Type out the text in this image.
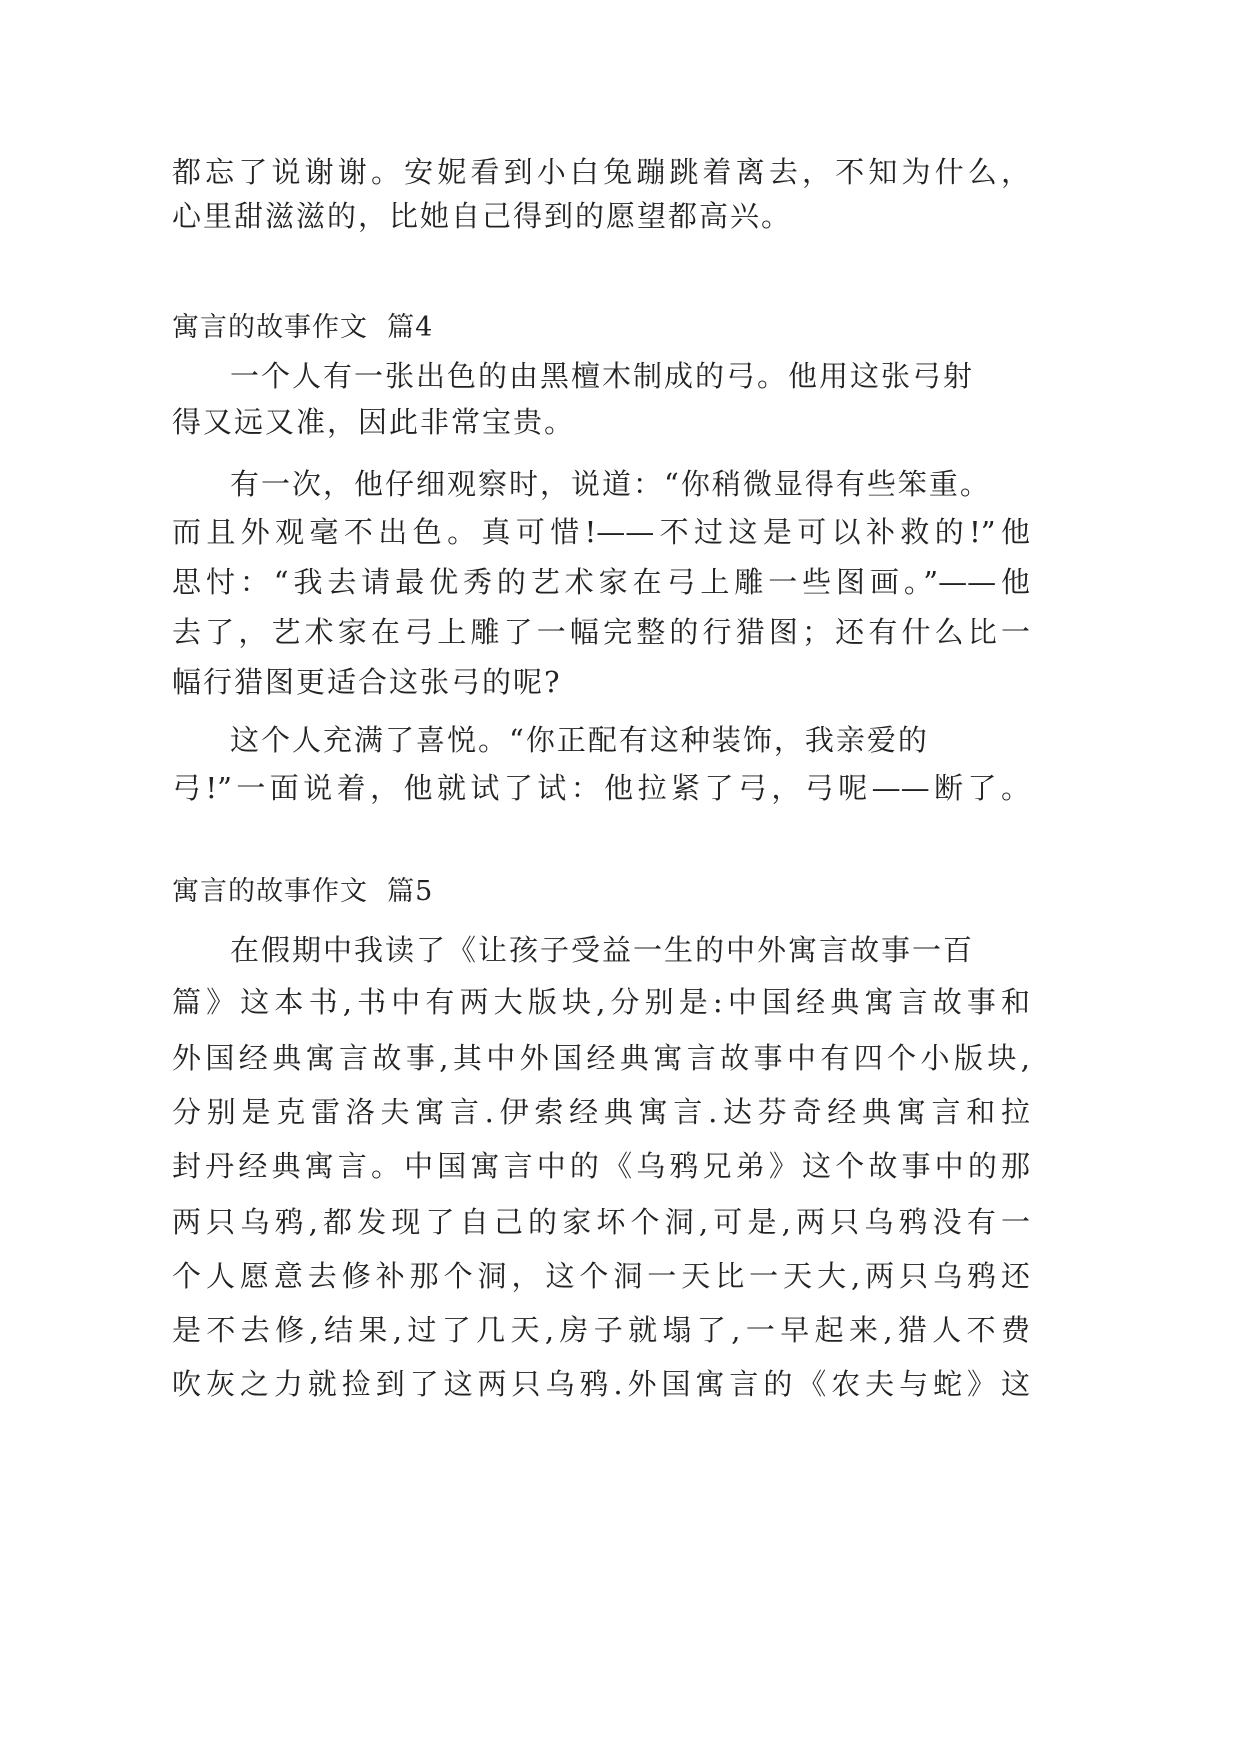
都忘了说谢谢。安妮看到小白兔蹦跳着离去，不知为什么，
心里甜滋滋的，比她自己得到的愿望都高兴。
寓言的故事作文  篇4
一个人有一张出色的由黑檀木制成的弓。他用这张弓射
得又远又准，因此非常宝贵。
有一次，他仔细观察时，说道：“你稍微显得有些笨重。
而且外观毫不出色。真可惜!——不过这是可以补救的!”他
思忖：“我去请最优秀的艺术家在弓上雕一些图画。”——他
去了，艺术家在弓上雕了一幅完整的行猎图；还有什么比一
幅行猎图更适合这张弓的呢?
这个人充满了喜悦。“你正配有这种装饰，我亲爱的
弓!”一面说着，他就试了试：他拉紧了弓，弓呢——断了。
寓言的故事作文  篇5
在假期中我读了《让孩子受益一生的中外寓言故事一百
篇》这本书,书中有两大版块,分别是:中国经典寓言故事和
外国经典寓言故事,其中外国经典寓言故事中有四个小版块,
分别是克雷洛夫寓言.伊索经典寓言.达芬奇经典寓言和拉
封丹经典寓言。中国寓言中的《乌鸦兄弟》这个故事中的那
两只乌鸦,都发现了自己的家坏个洞,可是,两只乌鸦没有一
个人愿意去修补那个洞，这个洞一天比一天大,两只乌鸦还
是不去修,结果,过了几天,房子就塌了,一早起来,猎人不费
吹灰之力就捡到了这两只乌鸦.外国寓言的《农夫与蛇》这
